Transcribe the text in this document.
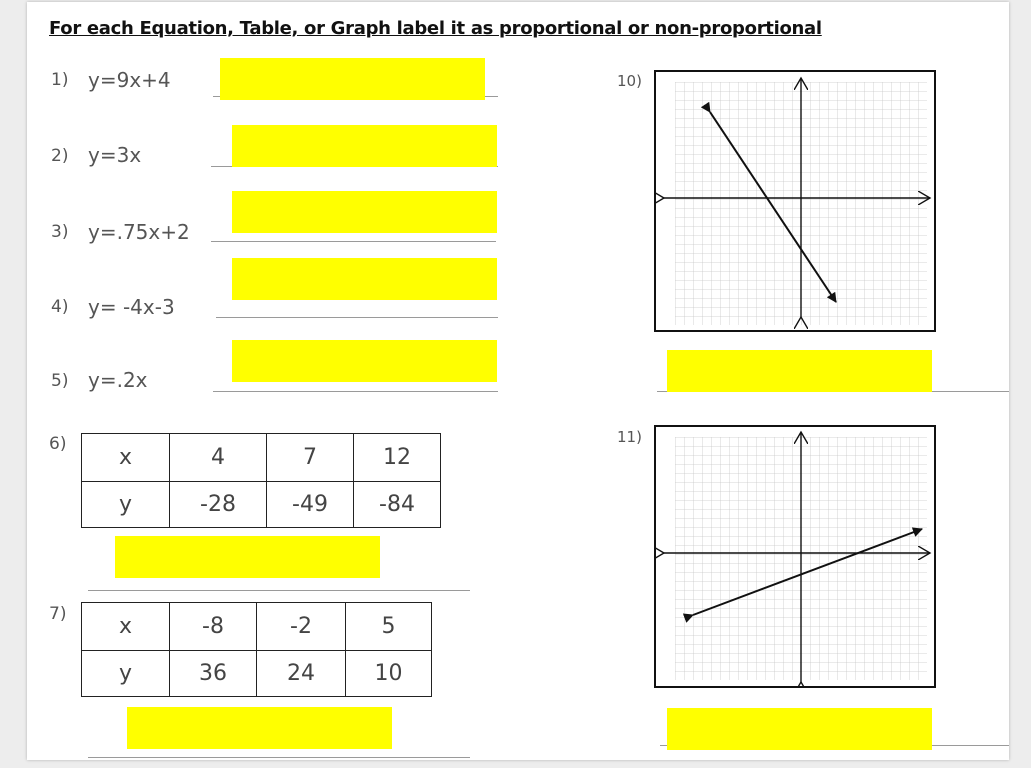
For each Equation, Table, or Graph label it as proportional or non-proportional
1) y=9x+4
2) y=3x
3) y=.75x+2
4) y= -4x-3
5) y=.2x
6)
x	4	7	12
y	-28	-49	-84
7) x	-8	-2	5
y	36	24	10
10)
11)
